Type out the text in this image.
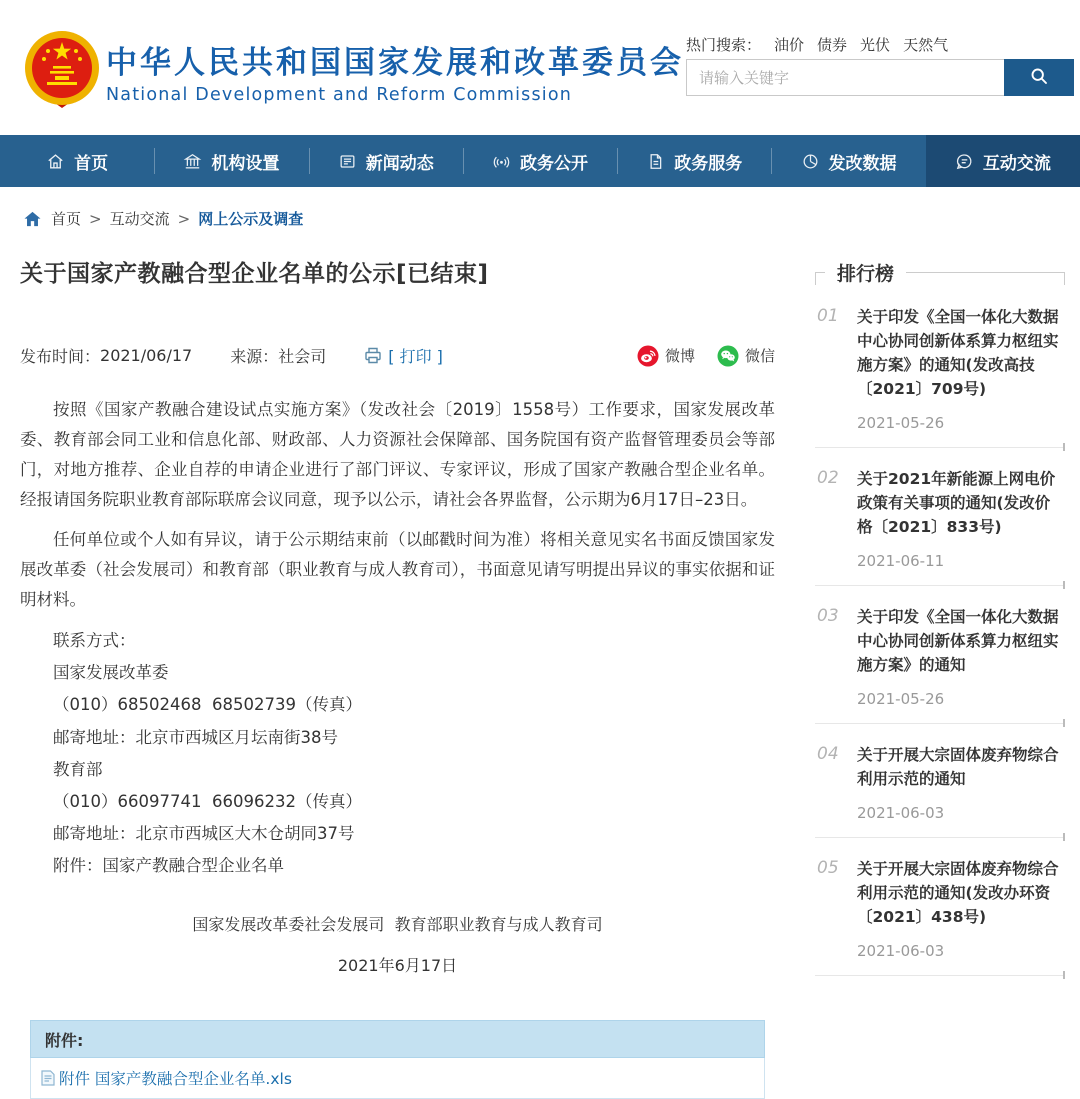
中华人民共和国国家发展和改革委员会
National Development and Reform Commission
热门搜索： 油价 债券 光伏 天然气
请输入关键字
首页	机构设置	新闻动态	政务公开	政务服务	发改数据	互动交流
首页 > 互动交流 > 网上公示及调查
关于国家产教融合型企业名单的公示[已结束]
发布时间： 2021/06/17 来源： 社会司	[ 打印 ]	微博	微信

按照《国家产教融合建设试点实施方案》（发改社会〔2019〕1558号）工作要求，国家发展改革委、教育部会同工业和信息化部、财政部、人力资源社会保障部、国务院国有资产监督管理委员会等部门，对地方推荐、企业自荐的申请企业进行了部门评议、专家评议，形成了国家产教融合型企业名单。经报请国务院职业教育部际联席会议同意，现予以公示，请社会各界监督，公示期为6月17日–23日。

任何单位或个人如有异议，请于公示期结束前（以邮戳时间为准）将相关意见实名书面反馈国家发展改革委（社会发展司）和教育部（职业教育与成人教育司），书面意见请写明提出异议的事实依据和证明材料。

联系方式：
国家发展改革委
（010）68502468  68502739（传真）
邮寄地址：北京市西城区月坛南街38号
教育部
（010）66097741  66096232（传真）
邮寄地址：北京市西城区大木仓胡同37号
附件：国家产教融合型企业名单
国家发展改革委社会发展司  教育部职业教育与成人教育司
2021年6月17日
附件:
附件 国家产教融合型企业名单.xls
排行榜
01	关于印发《全国一体化大数据中心协同创新体系算力枢纽实施方案》的通知(发改高技〔2021〕709号)
2021-05-26
02	关于2021年新能源上网电价政策有关事项的通知(发改价格〔2021〕833号)
2021-06-11
03	关于印发《全国一体化大数据中心协同创新体系算力枢纽实施方案》的通知
2021-05-26
04	关于开展大宗固体废弃物综合利用示范的通知
2021-06-03
05	关于开展大宗固体废弃物综合利用示范的通知(发改办环资〔2021〕438号)
2021-06-03
